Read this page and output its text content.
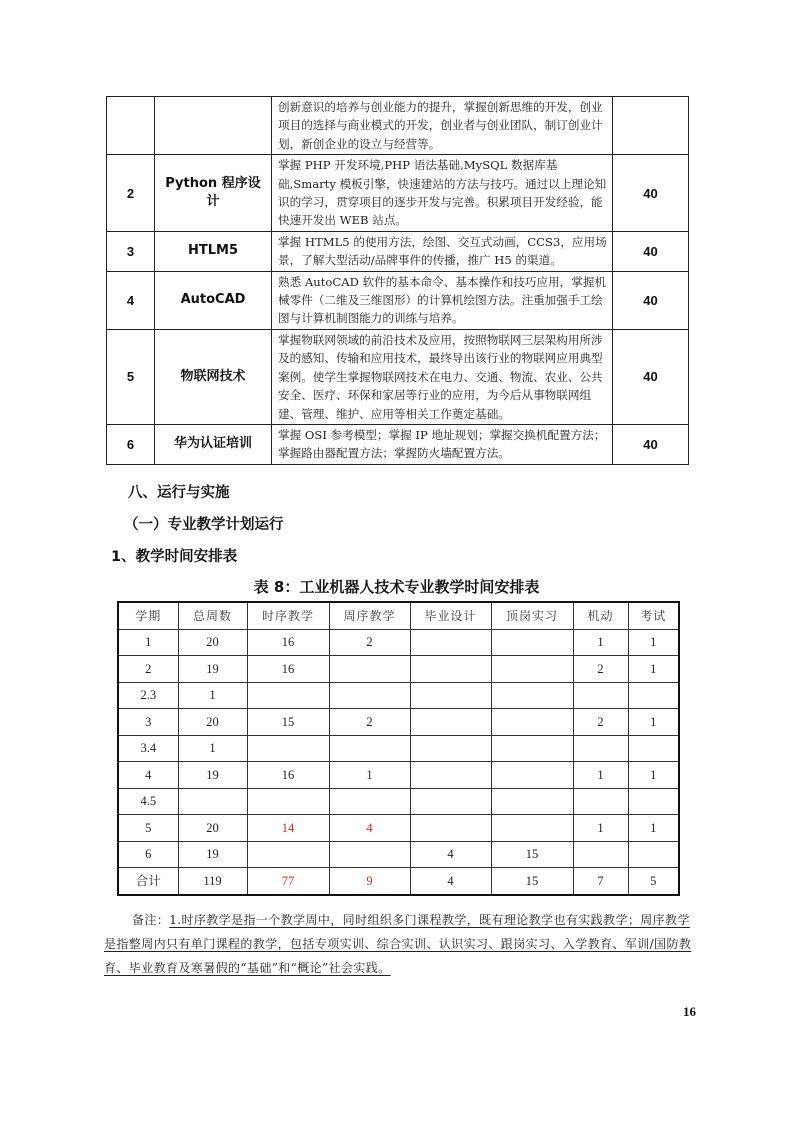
		创新意识的培养与创业能力的提升，掌握创新思维的开发，创业项目的选择与商业模式的开发，创业者与创业团队，制订创业计划，新创企业的设立与经营等。	
2	Python 程序设计	掌握 PHP 开发环境,PHP 语法基础,MySQL 数据库基础,Smarty 模板引擎，快速建站的方法与技巧。通过以上理论知识的学习，贯穿项目的逐步开发与完善。积累项目开发经验，能快速开发出 WEB 站点。	40
3	HTLM5	掌握 HTML5 的使用方法，绘图、交互式动画，CCS3，应用场景，了解大型活动/品牌事件的传播，推广 H5 的渠道。	40
4	AutoCAD	熟悉 AutoCAD 软件的基本命令、基本操作和技巧应用，掌握机械零件（二维及三维图形）的计算机绘图方法。注重加强手工绘图与计算机制图能力的训练与培养。	40
5	物联网技术	掌握物联网领域的前沿技术及应用，按照物联网三层架构用所涉及的感知、传输和应用技术，最终导出该行业的物联网应用典型案例。使学生掌握物联网技术在电力、交通、物流、农业、公共安全、医疗、环保和家居等行业的应用，为今后从事物联网组建、管理、维护、应用等相关工作奠定基础。	40
6	华为认证培训	掌握 OSI 参考模型；掌握 IP 地址规划；掌握交换机配置方法；掌握路由器配置方法；掌握防火墙配置方法。	40
八、运行与实施
（一）专业教学计划运行
1、教学时间安排表
表 8：工业机器人技术专业教学时间安排表
学期	总周数	时序教学	周序教学	毕业设计	顶岗实习	机动	考试
1	20	16	2			1	1
2	19	16				2	1
2.3	1						
3	20	15	2			2	1
3.4	1						
4	19	16	1			1	1
4.5							
5	20	14	4			1	1
6	19			4	15		
合计	119	77	9	4	15	7	5
备注：1.时序教学是指一个教学周中，同时组织多门课程教学，既有理论教学也有实践教学；周序教学是指整周内只有单门课程的教学，包括专项实训、综合实训、认识实习、跟岗实习、入学教育、军训/国防教育、毕业教育及寒暑假的“基础”和“概论”社会实践。
16
